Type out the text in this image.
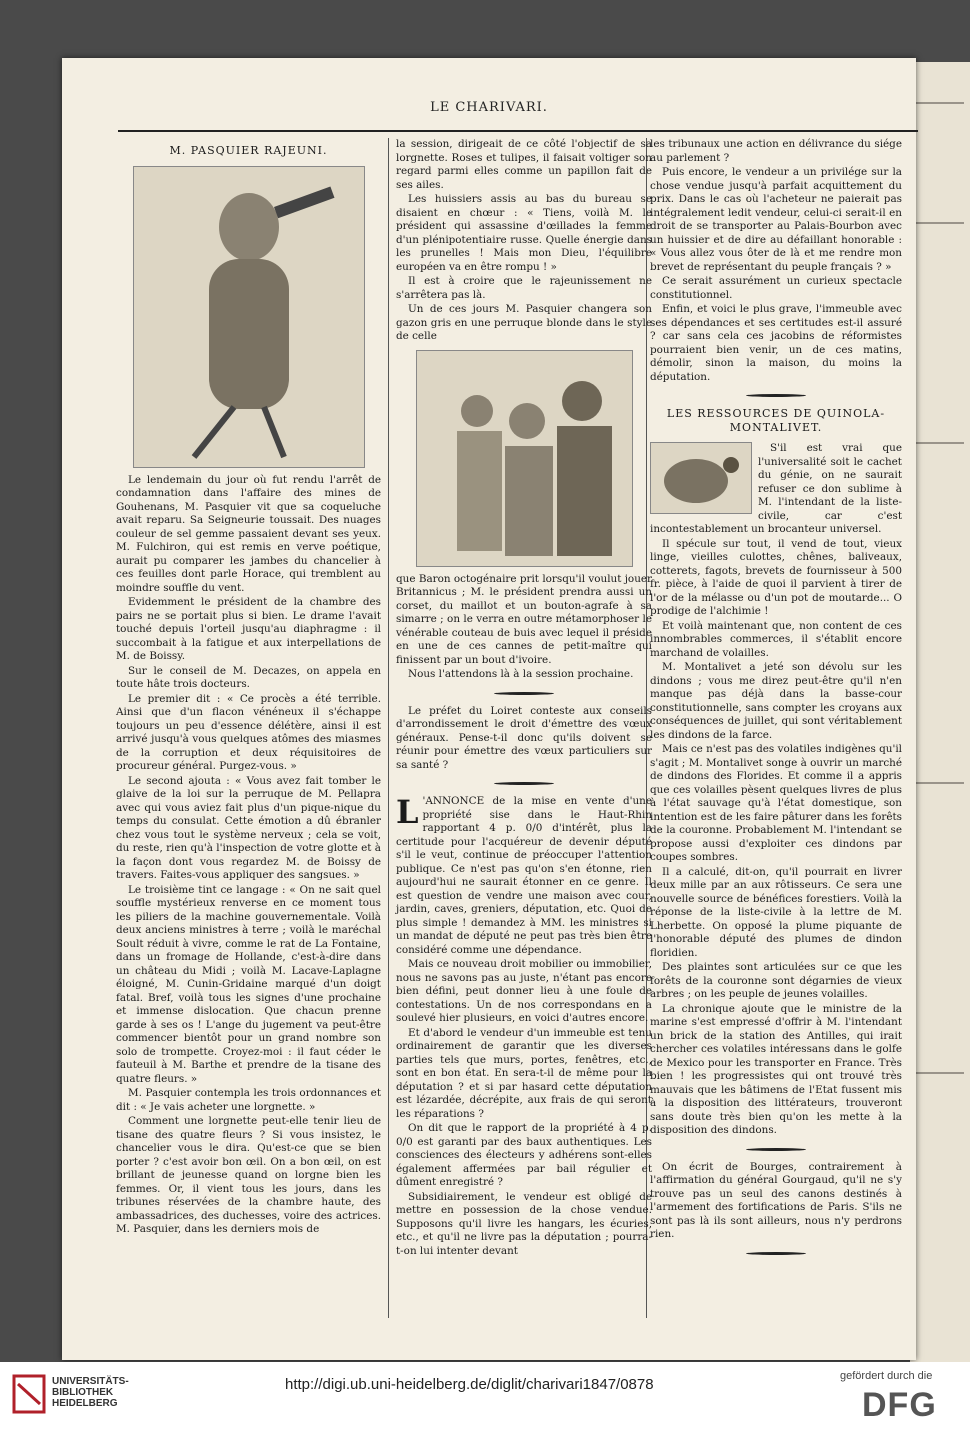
LE CHARIVARI.
M. PASQUIER RAJEUNI.

Le lendemain du jour où fut rendu l'arrêt de condamnation dans l'affaire des mines de Gouhenans, M. Pasquier vit que sa coqueluche avait reparu. Sa Seigneurie toussait. Des nuages couleur de sel gemme passaient devant ses yeux. M. Fulchiron, qui est remis en verve poétique, aurait pu comparer les jambes du chancelier à ces feuilles dont parle Horace, qui tremblent au moindre souffle du vent.

Evidemment le président de la chambre des pairs ne se portait plus si bien. Le drame l'avait touché depuis l'orteil jusqu'au diaphragme : il succombait à la fatigue et aux interpellations de M. de Boissy.

Sur le conseil de M. Decazes, on appela en toute hâte trois docteurs.

Le premier dit : « Ce procès a été terrible. Ainsi que d'un flacon vénéneux il s'échappe toujours un peu d'essence délétère, ainsi il est arrivé jusqu'à vous quelques atômes des miasmes de la corruption et deux réquisitoires de procureur général. Purgez-vous. »

Le second ajouta : « Vous avez fait tomber le glaive de la loi sur la perruque de M. Pellapra avec qui vous aviez fait plus d'un pique-nique du temps du consulat. Cette émotion a dû ébranler chez vous tout le système nerveux ; cela se voit, du reste, rien qu'à l'inspection de votre glotte et à la façon dont vous regardez M. de Boissy de travers. Faites-vous appliquer des sangsues. »

Le troisième tint ce langage : « On ne sait quel souffle mystérieux renverse en ce moment tous les piliers de la machine gouvernementale. Voilà deux anciens ministres à terre ; voilà le maréchal Soult réduit à vivre, comme le rat de La Fontaine, dans un fromage de Hollande, c'est-à-dire dans un château du Midi ; voilà M. Lacave-Laplagne éloigné, M. Cunin-Gridaine marqué d'un doigt fatal. Bref, voilà tous les signes d'une prochaine et immense dislocation. Que chacun prenne garde à ses os ! L'ange du jugement va peut-être commencer bientôt pour un grand nombre son solo de trompette. Croyez-moi : il faut céder le fauteuil à M. Barthe et prendre de la tisane des quatre fleurs. »

M. Pasquier contempla les trois ordonnances et dit : « Je vais acheter une lorgnette. »

Comment une lorgnette peut-elle tenir lieu de tisane des quatre fleurs ? Si vous insistez, le chancelier vous le dira. Qu'est-ce que se bien porter ? c'est avoir bon œil. On a bon œil, on est brillant de jeunesse quand on lorgne bien les femmes. Or, il vient tous les jours, dans les tribunes réservées de la chambre haute, des ambassadrices, des duchesses, voire des actrices. M. Pasquier, dans les derniers mois de

la session, dirigeait de ce côté l'objectif de sa lorgnette. Roses et tulipes, il faisait voltiger son regard parmi elles comme un papillon fait de ses ailes.

Les huissiers assis au bas du bureau se disaient en chœur : « Tiens, voilà M. le président qui assassine d'œillades la femme d'un plénipotentiaire russe. Quelle énergie dans les prunelles ! Mais mon Dieu, l'équilibre européen va en être rompu ! »

Il est à croire que le rajeunissement ne s'arrêtera pas là.

Un de ces jours M. Pasquier changera son gazon gris en une perruque blonde dans le style de celle

que Baron octogénaire prit lorsqu'il voulut jouer Britannicus ; M. le président prendra aussi un corset, du maillot et un bouton-agrafe à sa simarre ; on le verra en outre métamorphoser le vénérable couteau de buis avec lequel il préside en une de ces cannes de petit-maître qui finissent par un bout d'ivoire.

Nous l'attendons là à la session prochaine.

Le préfet du Loiret conteste aux conseils d'arrondissement le droit d'émettre des vœux généraux. Pense-t-il donc qu'ils doivent se réunir pour émettre des vœux particuliers sur sa santé ?

L 'ANNONCE de la mise en vente d'une propriété sise dans le Haut-Rhin rapportant 4 p. 0/0 d'intérêt, plus la certitude pour l'acquéreur de devenir député s'il le veut, continue de préoccuper l'attention publique. Ce n'est pas qu'on s'en étonne, rien aujourd'hui ne saurait étonner en ce genre. Il est question de vendre une maison avec cour, jardin, caves, greniers, députation, etc. Quoi de plus simple ! demandez à MM. les ministres si un mandat de député ne peut pas très bien être considéré comme une dépendance.

Mais ce nouveau droit mobilier ou immobilier, nous ne savons pas au juste, n'étant pas encore bien défini, peut donner lieu à une foule de contestations. Un de nos correspondans en a soulevé hier plusieurs, en voici d'autres encore.

Et d'abord le vendeur d'un immeuble est tenu ordinairement de garantir que les diverses parties tels que murs, portes, fenêtres, etc., sont en bon état. En sera-t-il de même pour la députation ? et si par hasard cette députation est lézardée, décrépite, aux frais de qui seront les réparations ?

On dit que le rapport de la propriété à 4 p. 0/0 est garanti par des baux authentiques. Les consciences des électeurs y adhérens sont-elles également affermées par bail régulier et dûment enregistré ?

Subsidiairement, le vendeur est obligé de mettre en possession de la chose vendue. Supposons qu'il livre les hangars, les écuries, etc., et qu'il ne livre pas la députation ; pourra-t-on lui intenter devant

les tribunaux une action en délivrance du siége au parlement ?

Puis encore, le vendeur a un privilége sur la chose vendue jusqu'à parfait acquittement du prix. Dans le cas où l'acheteur ne paierait pas intégralement ledit vendeur, celui-ci serait-il en droit de se transporter au Palais-Bourbon avec un huissier et de dire au défaillant honorable : « Vous allez vous ôter de là et me rendre mon brevet de représentant du peuple français ? »

Ce serait assurément un curieux spectacle constitutionnel.

Enfin, et voici le plus grave, l'immeuble avec ses dépendances et ses certitudes est-il assuré ? car sans cela ces jacobins de réformistes pourraient bien venir, un de ces matins, démolir, sinon la maison, du moins la députation.

LES RESSOURCES DE QUINOLA-MONTALIVET.

S'il est vrai que l'universalité soit le cachet du génie, on ne saurait refuser ce don sublime à M. l'intendant de la liste-civile, car c'est incontestablement un brocanteur universel.

Il spécule sur tout, il vend de tout, vieux linge, vieilles culottes, chênes, baliveaux, cotterets, fagots, brevets de fournisseur à 500 fr. pièce, à l'aide de quoi il parvient à tirer de l'or de la mélasse ou d'un pot de moutarde... O prodige de l'alchimie !

Et voilà maintenant que, non content de ces innombrables commerces, il s'établit encore marchand de volailles.

M. Montalivet a jeté son dévolu sur les dindons ; vous me direz peut-être qu'il n'en manque pas déjà dans la basse-cour constitutionnelle, sans compter les croyans aux conséquences de juillet, qui sont véritablement les dindons de la farce.

Mais ce n'est pas des volatiles indigènes qu'il s'agit ; M. Montalivet songe à ouvrir un marché de dindons des Florides. Et comme il a appris que ces volailles pèsent quelques livres de plus à l'état sauvage qu'à l'état domestique, son intention est de les faire pâturer dans les forêts de la couronne. Probablement M. l'intendant se propose aussi d'exploiter ces dindons par coupes sombres.

Il a calculé, dit-on, qu'il pourrait en livrer deux mille par an aux rôtisseurs. Ce sera une nouvelle source de bénéfices forestiers. Voilà la réponse de la liste-civile à la lettre de M. Lherbette. On opposé la plume piquante de l'honorable député des plumes de dindon floridien.

Des plaintes sont articulées sur ce que les forêts de la couronne sont dégarnies de vieux arbres ; on les peuple de jeunes volailles.

La chronique ajoute que le ministre de la marine s'est empressé d'offrir à M. l'intendant un brick de la station des Antilles, qui irait chercher ces volatiles intéressans dans le golfe de Mexico pour les transporter en France. Très bien ! les progressistes qui ont trouvé très mauvais que les bâtimens de l'Etat fussent mis à la disposition des littérateurs, trouveront sans doute très bien qu'on les mette à la disposition des dindons.

On écrit de Bourges, contrairement à l'affirmation du général Gourgaud, qu'il ne s'y trouve pas un seul des canons destinés à l'armement des fortifications de Paris. S'ils ne sont pas là ils sont ailleurs, nous n'y perdrons rien.

UNIVERSITÄTS-
BIBLIOTHEK
HEIDELBERG
http://digi.ub.uni-heidelberg.de/diglit/charivari1847/0878	gefördert durch die
DFG
